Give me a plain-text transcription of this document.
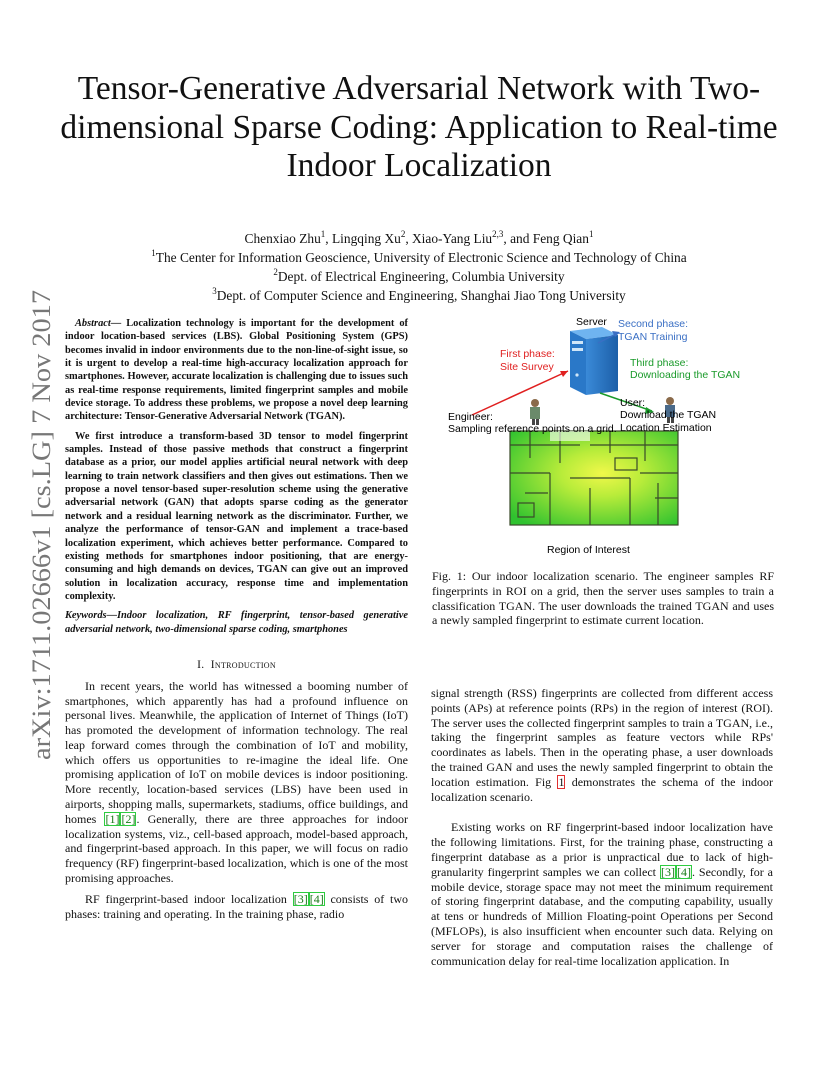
arXiv:1711.02666v1 [cs.LG] 7 Nov 2017
Tensor-Generative Adversarial Network with Two-dimensional Sparse Coding: Application to Real-time Indoor Localization
Chenxiao Zhu$^1$, Lingqing Xu$^2$, Xiao-Yang Liu$^{2,3}$, and Feng Qian$^1$
$^1$The Center for Information Geoscience, University of Electronic Science and Technology of China
$^2$Dept. of Electrical Engineering, Columbia University
$^3$Dept. of Computer Science and Engineering, Shanghai Jiao Tong University

Abstract— Localization technology is important for the development of indoor location-based services (LBS). Global Positioning System (GPS) becomes invalid in indoor environments due to the non-line-of-sight issue, so it is urgent to develop a real-time high-accuracy localization approach for smartphones. However, accurate localization is challenging due to issues such as real-time response requirements, limited fingerprint samples and mobile device storage. To address these problems, we propose a novel deep learning architecture: Tensor-Generative Adversarial Network (TGAN).

We first introduce a transform-based 3D tensor to model fingerprint samples. Instead of those passive methods that construct a fingerprint database as a prior, our model applies artificial neural network with deep learning to train network classifiers and then gives out estimations. Then we propose a novel tensor-based super-resolution scheme using the generative adversarial network (GAN) that adopts sparse coding as the generator network and a residual learning network as the discriminator. Further, we analyze the performance of tensor-GAN and implement a trace-based localization experiment, which achieves better performance. Compared to existing methods for smartphones indoor positioning, that are energy-consuming and high demands on devices, TGAN can give out an improved solution in localization accuracy, response time and implementation complexity.

Keywords—Indoor localization, RF fingerprint, tensor-based generative adversarial network, two-dimensional sparse coding, smartphones

I. Introduction

In recent years, the world has witnessed a booming number of smartphones, which apparently has had a profound influence on personal lives. Meanwhile, the application of Internet of Things (IoT) has promoted the development of information technology. The real leap forward comes through the combination of IoT and mobility, which offers us opportunities to re-imagine the ideal life. One promising application of IoT on mobile devices is indoor positioning. More recently, location-based services (LBS) have been used in airports, shopping malls, supermarkets, stadiums, office buildings, and homes [1] [2]. Generally, there are three approaches for indoor localization systems, viz., cell-based approach, model-based approach, and fingerprint-based approach. In this paper, we will focus on radio frequency (RF) fingerprint-based localization, which is one of the most promising approaches.

RF fingerprint-based indoor localization [3] [4] consists of two phases: training and operating. In the training phase, radio

Server Second phase:
TGAN Training
First phase:
Site Survey	Third phase:
Downloading the TGAN
User:
Download the TGAN
Location Estimation
Engineer:
Sampling reference points on a grid.
Region of Interest

Fig. 1: Our indoor localization scenario. The engineer samples RF fingerprints in ROI on a grid, then the server uses samples to train a classification TGAN. The user downloads the trained TGAN and uses a newly sampled fingerprint to estimate current location.

signal strength (RSS) fingerprints are collected from different access points (APs) at reference points (RPs) in the region of interest (ROI). The server uses the collected fingerprint samples to train a TGAN, i.e., taking the fingerprint samples as feature vectors while RPs' coordinates as labels. Then in the operating phase, a user downloads the trained GAN and uses the newly sampled fingerprint to obtain the location estimation. Fig 1 demonstrates the schema of the indoor localization scenario.

Existing works on RF fingerprint-based indoor localization have the following limitations. First, for the training phase, constructing a fingerprint database as a prior is unpractical due to lack of high-granularity fingerprint samples we can collect [3] [4]. Secondly, for a mobile device, storage space may not meet the minimum requirement of storing fingerprint database, and the computing capability, usually at tens or hundreds of Million Floating-point Operations per Second (MFLOPs), is also insufficient when encounter such data. Relying on server for storage and computation raises the challenge of communication delay for real-time localization application. In
